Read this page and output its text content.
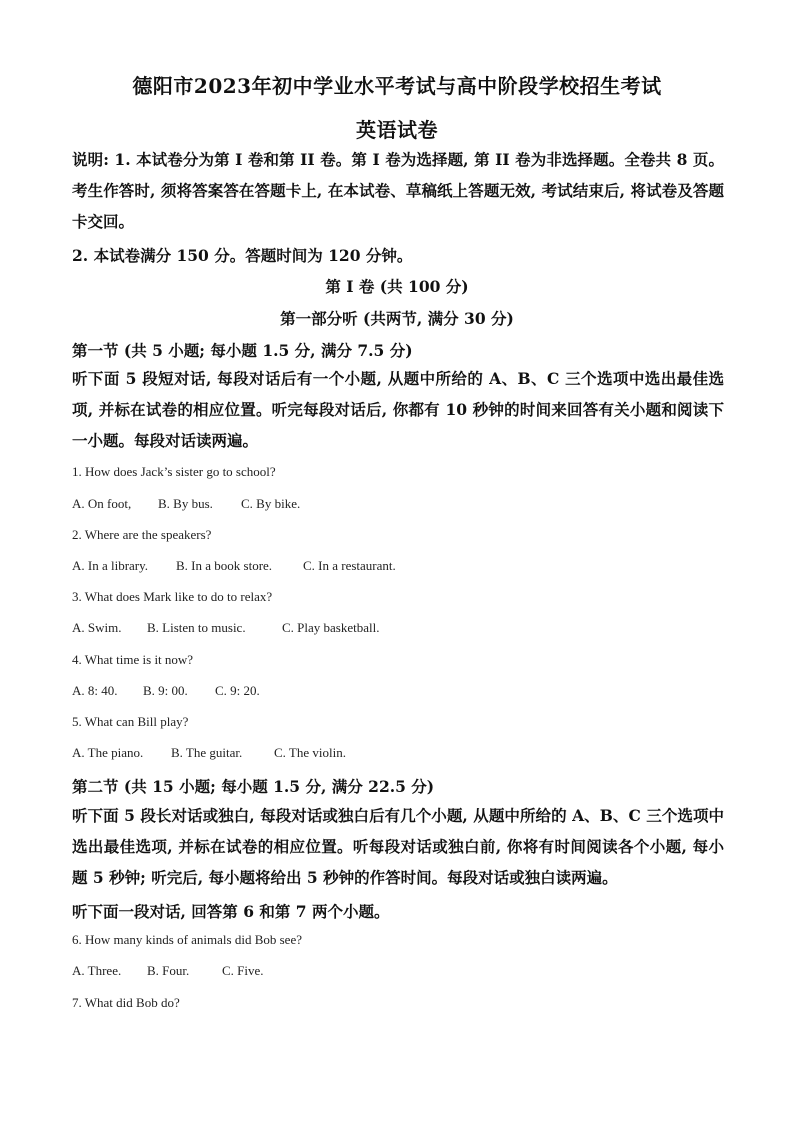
德阳市2023年初中学业水平考试与高中阶段学校招生考试
英语试卷
说明: 1. 本试卷分为第 I 卷和第 II 卷。第 I 卷为选择题, 第 II 卷为非选择题。全卷共 8 页。考生作答时, 须将答案答在答题卡上, 在本试卷、草稿纸上答题无效, 考试结束后, 将试卷及答题卡交回。
2. 本试卷满分 150 分。答题时间为 120 分钟。
第 I 卷 (共 100 分)
第一部分听 (共两节, 满分 30 分)
第一节 (共 5 小题; 每小题 1.5 分, 满分 7.5 分)
听下面 5 段短对话, 每段对话后有一个小题, 从题中所给的 A、B、C 三个选项中选出最佳选项, 并标在试卷的相应位置。听完每段对话后, 你都有 10 秒钟的时间来回答有关小题和阅读下一小题。每段对话读两遍。
1. How does Jack’s sister go to school?
A. On foot, B. By bus. C. By bike.
2. Where are the speakers?
A. In a library. B. In a book store. C. In a restaurant.
3. What does Mark like to do to relax?
A. Swim. B. Listen to music.	C. Play basketball.
4. What time is it now?
A. 8: 40. B. 9: 00. C. 9: 20.
5. What can Bill play?
A. The piano. B. The guitar. C. The violin.
第二节 (共 15 小题; 每小题 1.5 分, 满分 22.5 分)
听下面 5 段长对话或独白, 每段对话或独白后有几个小题, 从题中所给的 A、B、C 三个选项中选出最佳选项, 并标在试卷的相应位置。听每段对话或独白前, 你将有时间阅读各个小题, 每小题 5 秒钟; 听完后, 每小题将给出 5 秒钟的作答时间。每段对话或独白读两遍。
听下面一段对话, 回答第 6 和第 7 两个小题。
6. How many kinds of animals did Bob see?
A. Three. B. Four.	C. Five.
7. What did Bob do?
